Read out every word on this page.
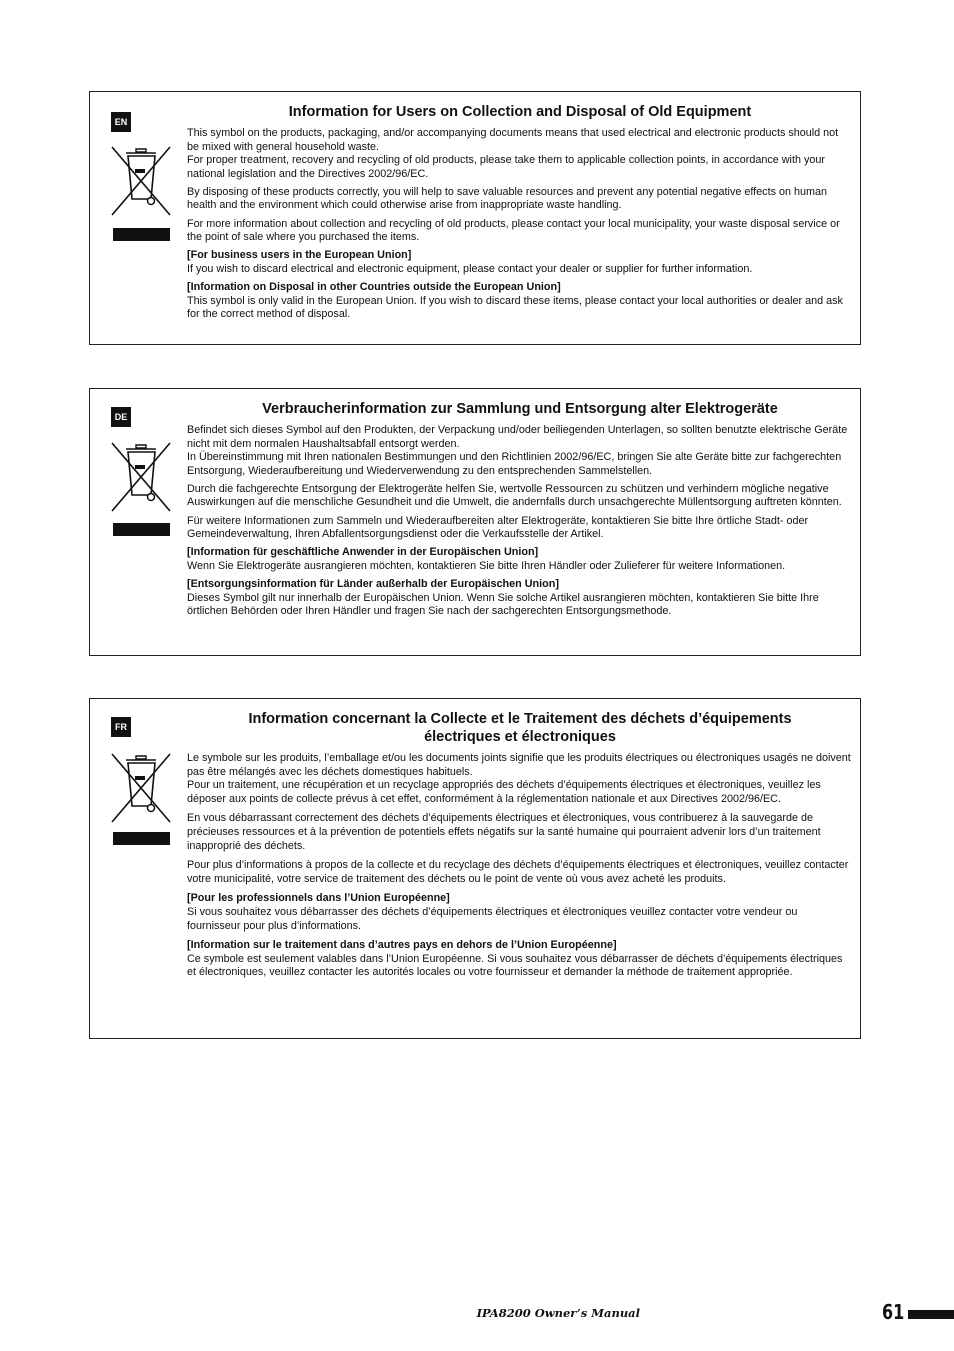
EN

Information for Users on Collection and Disposal of Old Equipment

This symbol on the products, packaging, and/or accompanying documents means that used electrical and electronic products should not be mixed with general household waste.

For proper treatment, recovery and recycling of old products, please take them to applicable collection points, in accordance with your national legislation and the Directives 2002/96/EC.

By disposing of these products correctly, you will help to save valuable resources and prevent any potential negative effects on human health and the environment which could otherwise arise from inappropriate waste handling.

For more information about collection and recycling of old products, please contact your local municipality, your waste disposal service or the point of sale where you purchased the items.

[For business users in the European Union]

If you wish to discard electrical and electronic equipment, please contact your dealer or supplier for further information.

[Information on Disposal in other Countries outside the European Union]

This symbol is only valid in the European Union. If you wish to discard these items, please contact your local authorities or dealer and ask for the correct method of disposal.

DE	Verbraucherinformation zur Sammlung und Entsorgung alter Elektrogeräte

Befindet sich dieses Symbol auf den Produkten, der Verpackung und/oder beiliegenden Unterlagen, so sollten benutzte elektrische Geräte nicht mit dem normalen Haushaltsabfall entsorgt werden.

In Übereinstimmung mit Ihren nationalen Bestimmungen und den Richtlinien 2002/96/EC, bringen Sie alte Geräte bitte zur fachgerechten Entsorgung, Wiederaufbereitung und Wiederverwendung zu den entsprechenden Sammelstellen.

Durch die fachgerechte Entsorgung der Elektrogeräte helfen Sie, wertvolle Ressourcen zu schützen und verhindern mögliche negative Auswirkungen auf die menschliche Gesundheit und die Umwelt, die andernfalls durch unsachgerechte Müllentsorgung auftreten könnten.

Für weitere Informationen zum Sammeln und Wiederaufbereiten alter Elektrogeräte, kontaktieren Sie bitte Ihre örtliche Stadt- oder Gemeindeverwaltung, Ihren Abfallentsorgungsdienst oder die Verkaufsstelle der Artikel.

[Information für geschäftliche Anwender in der Europäischen Union]

Wenn Sie Elektrogeräte ausrangieren möchten, kontaktieren Sie bitte Ihren Händler oder Zulieferer für weitere Informationen.

[Entsorgungsinformation für Länder außerhalb der Europäischen Union]

Dieses Symbol gilt nur innerhalb der Europäischen Union. Wenn Sie solche Artikel ausrangieren möchten, kontaktieren Sie bitte Ihre örtlichen Behörden oder Ihren Händler und fragen Sie nach der sachgerechten Entsorgungsmethode.

FR	Information concernant la Collecte et le Traitement des déchets d’équipements électriques et électroniques

Le symbole sur les produits, l’emballage et/ou les documents joints signifie que les produits électriques ou électroniques usagés ne doivent pas être mélangés avec les déchets domestiques habituels.

Pour un traitement, une récupération et un recyclage appropriés des déchets d’équipements électriques et électroniques, veuillez les déposer aux points de collecte prévus à cet effet, conformément à la réglementation nationale et aux Directives 2002/96/EC.

En vous débarrassant correctement des déchets d’équipements électriques et électroniques, vous contribuerez à la sauvegarde de précieuses ressources et à la prévention de potentiels effets négatifs sur la santé humaine qui pourraient advenir lors d’un traitement inapproprié des déchets.

Pour plus d’informations à propos de la collecte et du recyclage des déchets d’équipements électriques et électroniques, veuillez contacter votre municipalité, votre service de traitement des déchets ou le point de vente où vous avez acheté les produits.

[Pour les professionnels dans l’Union Européenne]

Si vous souhaitez vous débarrasser des déchets d’équipements électriques et électroniques veuillez contacter votre vendeur ou fournisseur pour plus d’informations.

[Information sur le traitement dans d’autres pays en dehors de l’Union Européenne]

Ce symbole est seulement valables dans l’Union Européenne. Si vous souhaitez vous débarrasser de déchets d’équipements électriques et électroniques, veuillez contacter les autorités locales ou votre fournisseur et demander la méthode de traitement appropriée.

IPA8200 Owner’s Manual	61
